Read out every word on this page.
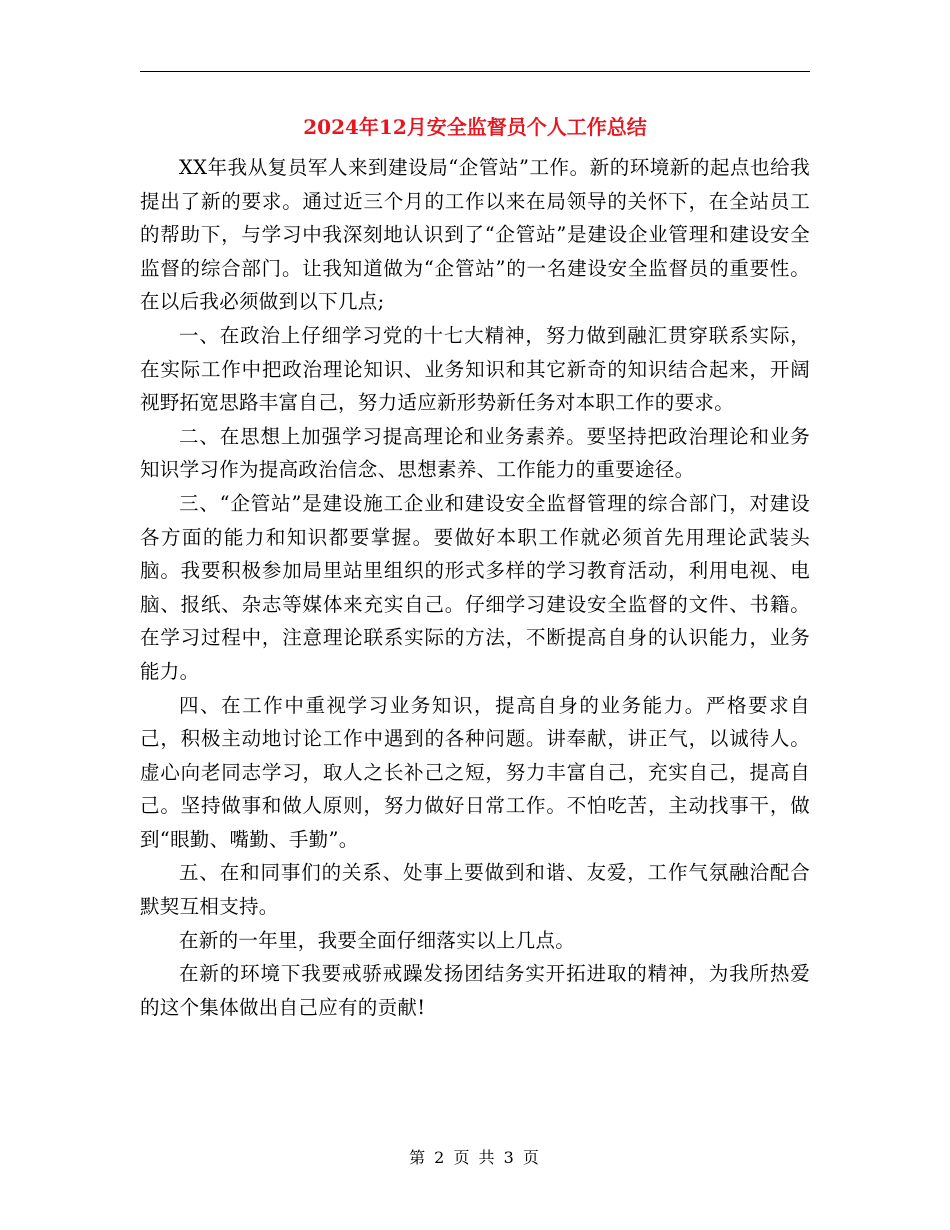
2024年12月安全监督员个人工作总结

XX年我从复员军人来到建设局“企管站”工作。新的环境新的起点也给我提出了新的要求。通过近三个月的工作以来在局领导的关怀下，在全站员工的帮助下，与学习中我深刻地认识到了“企管站”是建设企业管理和建设安全监督的综合部门。让我知道做为“企管站”的一名建设安全监督员的重要性。在以后我必须做到以下几点;

一、在政治上仔细学习党的十七大精神，努力做到融汇贯穿联系实际，在实际工作中把政治理论知识、业务知识和其它新奇的知识结合起来，开阔视野拓宽思路丰富自己，努力适应新形势新任务对本职工作的要求。

二、在思想上加强学习提高理论和业务素养。要坚持把政治理论和业务知识学习作为提高政治信念、思想素养、工作能力的重要途径。

三、“企管站”是建设施工企业和建设安全监督管理的综合部门，对建设各方面的能力和知识都要掌握。要做好本职工作就必须首先用理论武装头脑。我要积极参加局里站里组织的形式多样的学习教育活动，利用电视、电脑、报纸、杂志等媒体来充实自己。仔细学习建设安全监督的文件、书籍。在学习过程中，注意理论联系实际的方法，不断提高自身的认识能力，业务能力。

四、在工作中重视学习业务知识，提高自身的业务能力。严格要求自己，积极主动地讨论工作中遇到的各种问题。讲奉献，讲正气，以诚待人。虚心向老同志学习，取人之长补己之短，努力丰富自己，充实自己，提高自己。坚持做事和做人原则，努力做好日常工作。不怕吃苦，主动找事干，做到“眼勤、嘴勤、手勤”。

五、在和同事们的关系、处事上要做到和谐、友爱，工作气氛融洽配合默契互相支持。

在新的一年里，我要全面仔细落实以上几点。

在新的环境下我要戒骄戒躁发扬团结务实开拓进取的精神，为我所热爱的这个集体做出自己应有的贡献!

第 2 页 共 3 页
